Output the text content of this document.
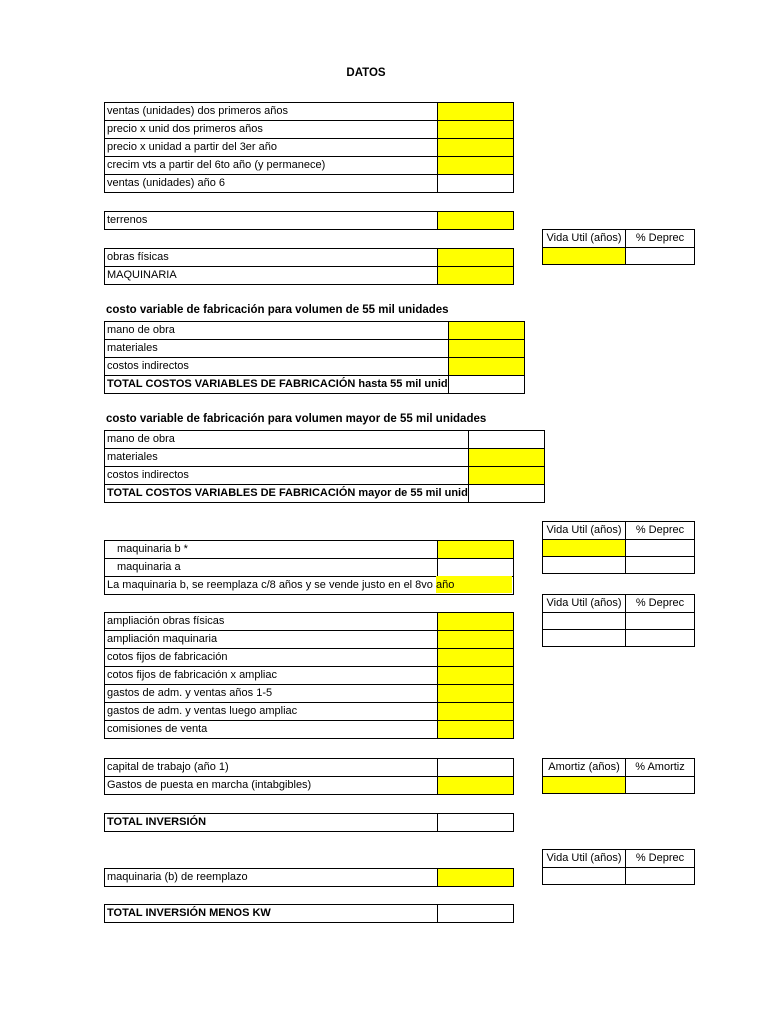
DATOS
ventas (unidades) dos primeros años	
precio x unid dos primeros años	
precio x unidad a partir del 3er año	
crecim vts a partir del 6to año (y permanece)	
ventas (unidades) año 6	
terrenos	
Vida Util (años)	% Deprec

obras físicas	
MAQUINARIA	
costo variable de fabricación para volumen de 55 mil unidades
mano de obra	
materiales	
costos indirectos	
TOTAL COSTOS VARIABLES DE FABRICACIÓN hasta 55 mil unid	
costo variable de fabricación para volumen mayor de 55 mil unidades
mano de obra	
materiales	
costos indirectos	
TOTAL COSTOS VARIABLES DE FABRICACIÓN mayor de 55 mil unid	
Vida Util (años)	% Deprec

maquinaria b *	
maquinaria a	

La maquinaria b, se reemplaza c/8 años y se vende justo en el 8vo año	
Vida Util (años)	% Deprec

ampliación obras físicas	
ampliación maquinaria	
cotos fijos de fabricación	
cotos fijos de fabricación x ampliac	
gastos de adm. y ventas años 1-5	
gastos de adm. y ventas luego ampliac	
comisiones de venta	
capital de trabajo (año 1)	
Gastos de puesta en marcha (intabgibles)	
Amortiz (años)	% Amortiz

TOTAL INVERSIÓN	
Vida Util (años)	% Deprec

maquinaria (b) de reemplazo	
TOTAL INVERSIÓN MENOS KW	
